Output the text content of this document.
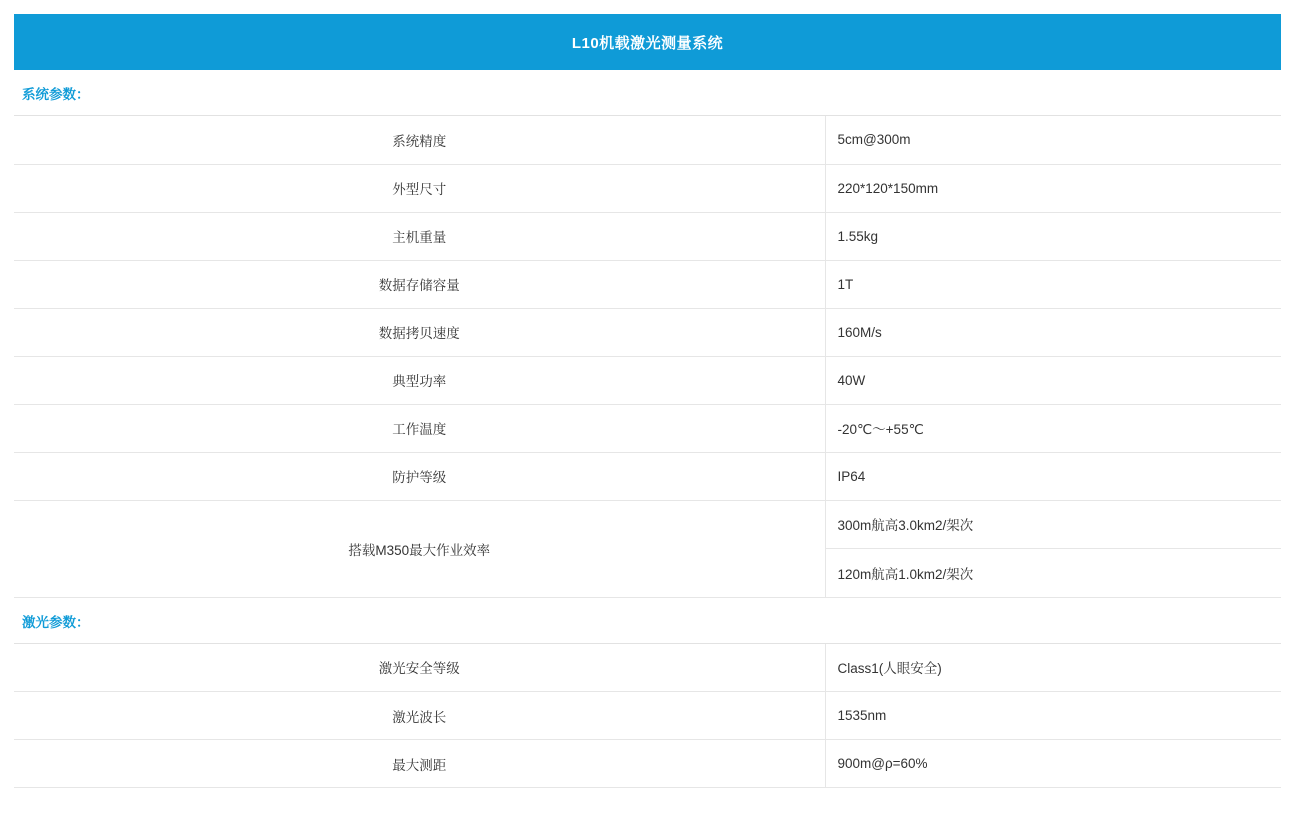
L10机载激光测量系统
系统参数：
系统精度	5cm@300m
外型尺寸	220*120*150mm
主机重量	1.55kg
数据存储容量	1T
数据拷贝速度	160M/s
典型功率	40W
工作温度	-20℃～+55℃
防护等级	IP64
搭载M350最大作业效率	300m航高3.0km2/架次
120m航高1.0km2/架次
激光参数：
激光安全等级	Class1(人眼安全)
激光波长	1535nm
最大测距	900m@ρ=60%
